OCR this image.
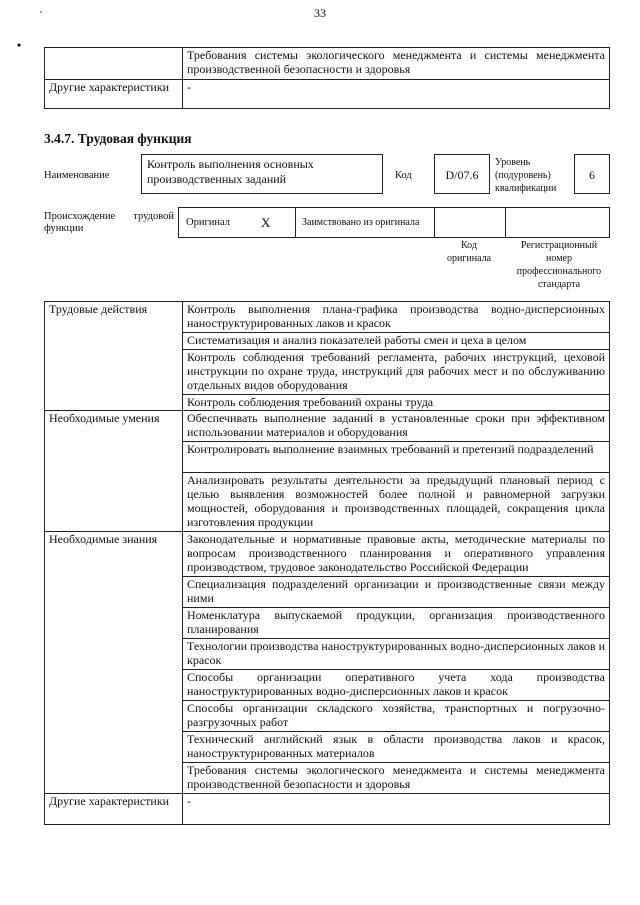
ʹ
•
33
	Требования системы экологического менеджмента и системы менеджмента производственной безопасности и здоровья
Другие характеристики	-
3.4.7. Трудовая функция
Наименование
Контроль выполнения основных производственных заданий	Код	D/07.6
Уровень (подуровень) квалификации
6
Происхождение трудовой функции
Оригинал X	Заимствовано из оригинала
Код оригинала
Регистрационный номер профессионального стандарта
Трудовые действия	Контроль выполнения плана-графика производства водно-дисперсионных наноструктурированных лаков и красок
	Систематизация и анализ показателей работы смен и цеха в целом
	Контроль соблюдения требований регламента, рабочих инструкций, цеховой инструкции по охране труда, инструкций для рабочих мест и по обслуживанию отдельных видов оборудования
	Контроль соблюдения требований охраны труда
Необходимые умения	Обеспечивать выполнение заданий в установленные сроки при эффективном использовании материалов и оборудования
	Контролировать выполнение взаимных требований и претензий подразделений
	Анализировать результаты деятельности за предыдущий плановый период с целью выявления возможностей более полной и равномерной загрузки мощностей, оборудования и производственных площадей, сокращения цикла изготовления продукции
Необходимые знания	Законодательные и нормативные правовые акты, методические материалы по вопросам производственного планирования и оперативного управления производством, трудовое законодательство Российской Федерации
	Специализация подразделений организации и производственные связи между ними
	Номенклатура выпускаемой продукции, организация производственного планирования
	Технологии производства наноструктурированных водно-дисперсионных лаков и красок
	Способы организации оперативного учета хода производства наноструктурированных водно-дисперсионных лаков и красок
	Способы организации складского хозяйства, транспортных и погрузочно-разгрузочных работ
	Технический английский язык в области производства лаков и красок, наноструктурированных материалов
	Требования системы экологического менеджмента и системы менеджмента производственной безопасности и здоровья
Другие характеристики	-
